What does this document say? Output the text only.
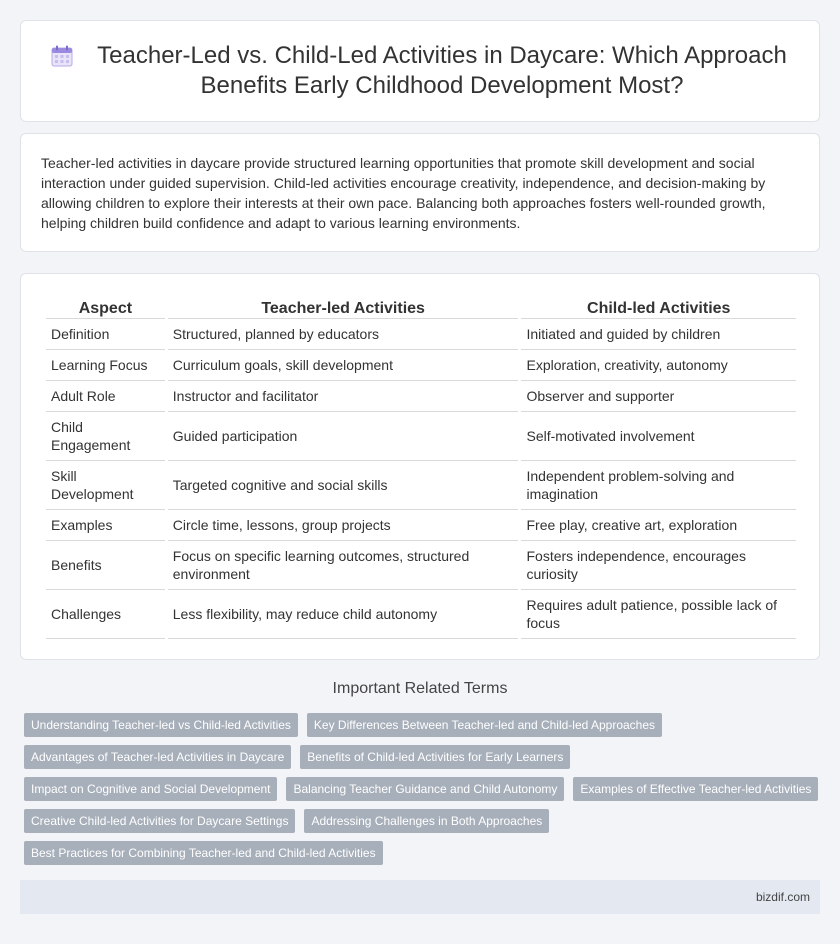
Teacher-Led vs. Child-Led Activities in Daycare: Which Approach Benefits Early Childhood Development Most?

Teacher-led activities in daycare provide structured learning opportunities that promote skill development and social interaction under guided supervision. Child-led activities encourage creativity, independence, and decision-making by allowing children to explore their interests at their own pace. Balancing both approaches fosters well-rounded growth, helping children build confidence and adapt to various learning environments.

Aspect	Teacher-led Activities	Child-led Activities
Definition	Structured, planned by educators	Initiated and guided by children
Learning Focus	Curriculum goals, skill development	Exploration, creativity, autonomy
Adult Role	Instructor and facilitator	Observer and supporter
Child Engagement	Guided participation	Self-motivated involvement
Skill Development	Targeted cognitive and social skills	Independent problem-solving and imagination
Examples	Circle time, lessons, group projects	Free play, creative art, exploration
Benefits	Focus on specific learning outcomes, structured environment	Fosters independence, encourages curiosity
Challenges	Less flexibility, may reduce child autonomy	Requires adult patience, possible lack of focus
Important Related Terms
Understanding Teacher-led vs Child-led Activities	Key Differences Between Teacher-led and Child-led Approaches
Advantages of Teacher-led Activities in Daycare	Benefits of Child-led Activities for Early Learners
Impact on Cognitive and Social Development	Balancing Teacher Guidance and Child Autonomy	Examples of Effective Teacher-led Activities
Creative Child-led Activities for Daycare Settings	Addressing Challenges in Both Approaches
Best Practices for Combining Teacher-led and Child-led Activities
bizdif.com
